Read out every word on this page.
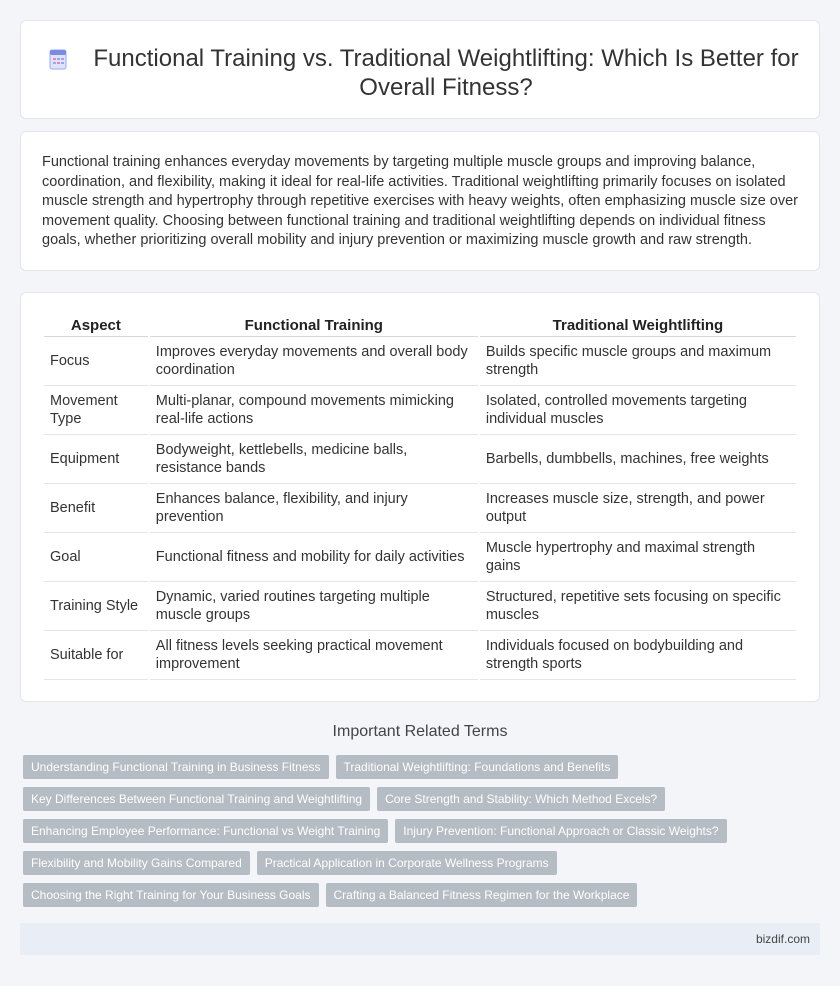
Functional Training vs. Traditional Weightlifting: Which Is Better for Overall Fitness?

Functional training enhances everyday movements by targeting multiple muscle groups and improving balance, coordination, and flexibility, making it ideal for real-life activities. Traditional weightlifting primarily focuses on isolated muscle strength and hypertrophy through repetitive exercises with heavy weights, often emphasizing muscle size over movement quality. Choosing between functional training and traditional weightlifting depends on individual fitness goals, whether prioritizing overall mobility and injury prevention or maximizing muscle growth and raw strength.

Aspect	Functional Training	Traditional Weightlifting
Focus	Improves everyday movements and overall body coordination	Builds specific muscle groups and maximum strength
Movement Type	Multi-planar, compound movements mimicking real-life actions	Isolated, controlled movements targeting individual muscles
Equipment	Bodyweight, kettlebells, medicine balls, resistance bands	Barbells, dumbbells, machines, free weights
Benefit	Enhances balance, flexibility, and injury prevention	Increases muscle size, strength, and power output
Goal	Functional fitness and mobility for daily activities	Muscle hypertrophy and maximal strength gains
Training Style	Dynamic, varied routines targeting multiple muscle groups	Structured, repetitive sets focusing on specific muscles
Suitable for	All fitness levels seeking practical movement improvement	Individuals focused on bodybuilding and strength sports
Important Related Terms
Understanding Functional Training in Business Fitness	Traditional Weightlifting: Foundations and Benefits
Key Differences Between Functional Training and Weightlifting	Core Strength and Stability: Which Method Excels?
Enhancing Employee Performance: Functional vs Weight Training	Injury Prevention: Functional Approach or Classic Weights?
Flexibility and Mobility Gains Compared	Practical Application in Corporate Wellness Programs
Choosing the Right Training for Your Business Goals	Crafting a Balanced Fitness Regimen for the Workplace
bizdif.com
